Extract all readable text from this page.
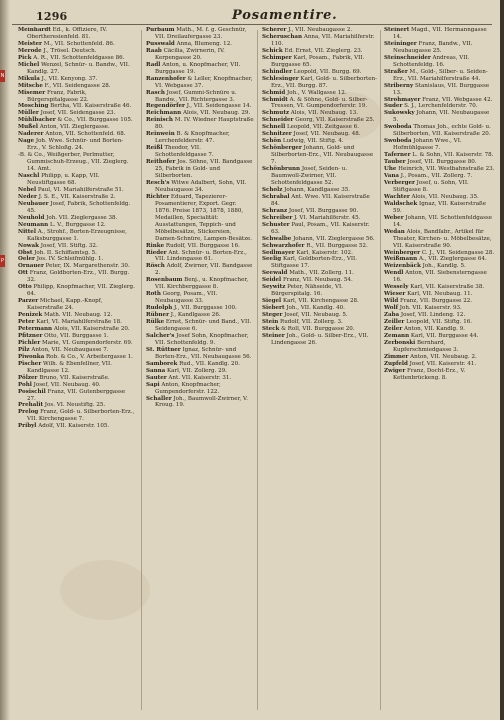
1296	Posamentire.
N
P
Meinhardt Ed., k. Offiziere, IV. Obertheresienfeld. 81.
Meister M., VII. Schottenfeld. 86.
Merode J., Trösel. Deutsch.
Pick A. R., VII. Schottenfeldgasse 86.
Michel Wenzel, Schnür- u. Bandw., VII. Kandlg. 27.
Mikula J., VII. Kenyong. 37.
Mitsche F., VII. Seidengasse 28.
Misemer Franz, Fabrik, Bürgerspitalgasse 22.
Mosching Bertha, VII. Kaiserstraße 46.
Müller Josef, VII. Seidengasse 23.
Mühlbacher & Co., VII. Burggasse 105.
Mußel Anton, VII. Zieglergasse.
Naderer Anton, VII. Schottenfeld. 68.
Nage Joh. Wwe. Schnür- und Borten-Erz., V. Schloßg. 24.
-B. & Co., Weißgerber, Perlmutter, Gummischuh-Erzeug., VII. Zieglerg. 14. Amt.
Naschl Philipp, u. Kapp, VII. Neustiftgasse 68.
Nebel Paul, VI. Mariahilferstraße 51.
Neder J. S. E., VII. Kaiserstraße 2.
Neubauer Josef, Fabrik, Schottenfeldg. 45.
Neuhold Joh. VII. Zieglergasse 38.
Neumann L. V., Burggasse 12.
Nittel A., Strohf., Borten-Erzeugnisse, Kalksburggasse 1.
Nowak Josef, VII. Stiftg. 32.
Obst Joh. II. Schiffamtsg. 5.
Oeler Jos. IV. Schleifmühlg. 1.
Ornauer Peter, IX. Margarethenstr. 30.
Ott Franz, Goldborten-Erz., VII. Burgg. 32.
Otto Philipp, Knopfmacher, VII. Zieglerg. 64.
Parzer Michael, Kapp.-Knopf, Kaiserstraße 24.
Penizek Math. VII. Neubaug. 12.
Peter Karl, VI. Mariahilferstraße 18.
Petermann Alois, VII. Kaiserstraße 20.
Pfitzner Otto, VII. Burggasse 1.
Pichler Marie, VI. Gumpendorferstr. 69.
Pilz Anton, VII. Neubaugasse 7.
Piwonka Rob. & Co., V. Arbeitergasse 1.
Pischer Wilh. & Ebenfellner, VII. Kandlgasse 12.
Pölzer Bruno, VII. Kaiserstraße.
Pohl Josef, VII. Neubaug. 40.
Posischil Franz, VII. Gutenberggasse 27.
Prehalit Jos. VI. Neustiftg. 25.
Prelog Franz, Gold- u. Silberborten-Erz., VII. Kirchengasse 7.
Pribyl Adolf, VII. Kaiserstr. 105.
Purbaum Math., M. f. g. Geschnür, VII. Dreilaufergasse 23.
Pusswald Anna, Blumeng. 12.
Raab Cäcilia, Zwirnerin, IV. Kerpengasse 20.
Radl Anton, u. Knopfmacher, VII. Burggasse 19.
Ranzenhofer & Leller, Knopfmacher, VI. Webgasse 37.
Rasch Josef, Gummi-Schnüre u. Bandw., VII. Richtergasse 3.
Regendörfer J., VII. Seidengasse 14.
Reichmann Alois, VII. Neubaug. 29.
Reinisch M. IV. Wiedner Hauptstraße 80.
Reinwein B. & Knopfmacher, Lerchenfelderstr. 47.
Reißl Theodor, VII. Schottenfeldgasse 7.
Reithofer Jos. Söhne, VII. Bandgasse 25, Fabrik in Gold- und Silberborten.
Resch's Witwe Adalbert, Sohn, VII. Neubaugasse 34.
Richter Eduard, Tapezierer-Posamentierer, Export. Gegr. 1876. Preise 1873, 1878, 1880, Medaillen, Specialität: Ausstattungen, Teppich- und Möbelbesätze, Stickereien, Damen-Schnüre, Lampen-Besätze.
Rinke Rudolf, VII. Burggasse 16.
Rieder Ant. Schnür- u. Borten-Erz., VII. Lindengasse 61.
Rösch Adolf, Zwirner, VII. Bandgasse 2.
Rosenbaum Benj., u. Knopfmacher, VII. Kirchberggasse 8.
Roth Georg, Posam., VII. Neubaugasse 33.
Rudolph J., VII. Burggasse 100.
Rübner J., Kandlgasse 26.
Rülke Ernst, Schnür- und Band., VII. Seidengasse 6.
Salcher's Josef Sohn, Knopfmacher, VII. Schottenfeldg. 9.
St. Rüttner Ignaz, Schnür- und Borten-Erz., VII. Neubaugasse 56.
Samborek Rud., VII. Kandlg. 20.
Sanna Karl, VII. Zollerg. 29.
Sauter Ant. VII. Kaiserstr. 31.
Sapi Anton, Knopfmacher, Gumpendorferstr. 122.
Schaller Joh., Baumwoll-Zwirner, V. Kroug. 19.
Scherer J., VII. Neubaugasse 2.
Scheruschan Anna, VII. Mariahilferstr. 110.
Schick Ed. Ernst, VII. Zieglerg. 23.
Schimper Karl, Posam., Fabrik, VII. Burggasse 65.
Schindler Leopold, VII. Burgg. 69.
Schlesinger Karl, Gold- u. Silberborten-Erz., VII. Burgg. 87.
Schmid Joh., V. Wallgasse 12.
Schmidt A. & Söhne, Gold- u. Silber-Tressen, VI. Gumpendorferstr. 19.
Schmutz Alois, VII. Neubaug. 13.
Schneider Georg, VII. Kaiserstraße 25.
Schnell Leopold, VII. Zeitgasse 6.
Schnitzer Josef, VII. Neubaug. 48.
Schön Ludwig, VII. Stiftg. 4.
Schönberger Johann, Gold- und Silberborten-Erz., VII. Neubaugasse 7.
Schönbrunn Josef, Seiden- u. Baumwoll-Zwirner, VII. Schottenfeldgasse 52.
Scholz Johann, Kandlgasse 35.
Schrabal Ant. Wwe. VII. Kaiserstraße 84.
Schranz Josef, VII. Burggasse 90.
Schreiber J. VI. Mariahilferstr. 45.
Schuster Paul, Posam., VII. Kaiserstr. 63.
Schwalbe Johann, VII. Zieglergasse 56.
Schwarzhofer R., VII. Burggasse 52.
Sedlmayer Karl, Kaiserstr. 102.
Seelig Karl, Goldborten-Erz., VII. Stiftgasse 17.
Seewald Math., VII. Zollerg. 11.
Seidel Franz, VII. Neubaug. 54.
Seywitz Peter, Nähseide, VI. Bürgerspitalg. 16.
Siegel Karl, VII. Kirchengasse 28.
Siebert Joh., VII. Kandlg. 40.
Steger Josef, VII. Neubaug. 5.
Stein Rudolf, VII. Zollerg. 3.
Steck & Roll, VII. Burggasse 20.
Steiner Joh., Gold- u. Silber-Erz., VII. Lindengasse 26.
Steinert Magd., VII. Hermanngasse 14.
Steininger Franz, Bandw., VII. Neubaugasse 25.
Steinschneider Andreas, VII. Schottenfeldg. 16.
Straßer M., Gold-, Silber- u. Seiden-Erz., VII. Mariahilferstraße 44.
Striberny Stanislaus, VII. Burggasse 13.
Strohmayer Franz, VII. Webgasse 42.
Suder S. J., Lerchenfelderstr. 70.
Sukowsky Johann, VII. Neubaugasse 5.
Swoboda Thomas Joh., echte Gold- u. Silberborten, VII. Kaiserstraße 20.
Swoboda Johann Wwe., VI. Hofmühlgasse 7.
Taferner L. & Sohn, VII. Kaiserstr. 78.
Tauber Josef, VII. Burggasse 80.
Uhe Heinrich, VII. Westbahnstraße 23.
Vana J., Posam., VII. Zollerg. 7.
Verberger Josef, u. Sohn, VII. Stiftgasse 8.
Wachter Alois, VII. Neubaug. 35.
Waldschek Ignaz, VII. Kaiserstraße 59.
Weber Johann, VII. Schottenfeldgasse 14.
Wedan Alois, Bandfabr., Artikel für Theater, Kirchen- u. Möbelbesätze, VII. Kaiserstraße 90.
Weinberger C. J., VII. Seidengasse 28.
Weißmann A., VII. Zieglergasse 64.
Weizenbäck Joh., Kandlg. 5.
Wendl Anton, VII. Siebensterngasse 16.
Wessely Karl, VII. Kaiserstraße 38.
Wieser Karl, VII. Neubaug. 11.
Wild Franz, VII. Burggasse 22.
Wolf Joh. VII. Kaiserstr. 93.
Zaba Josef, VII. Lindeng. 12.
Zeiller Leopold, VII. Stiftg. 16.
Zeiler Anton, VII. Kandlg. 9.
Zemann Karl, VII. Burggasse 44.
Zerbonski Bernhard, Kupferschmiedgasse 3.
Zimmer Anton, VII. Neubaug. 2.
Zupfeld Josef, VII. Kaiserstr. 41.
Zwiger Franz, Docht-Erz., V. Kettenbrückeng. 8.
